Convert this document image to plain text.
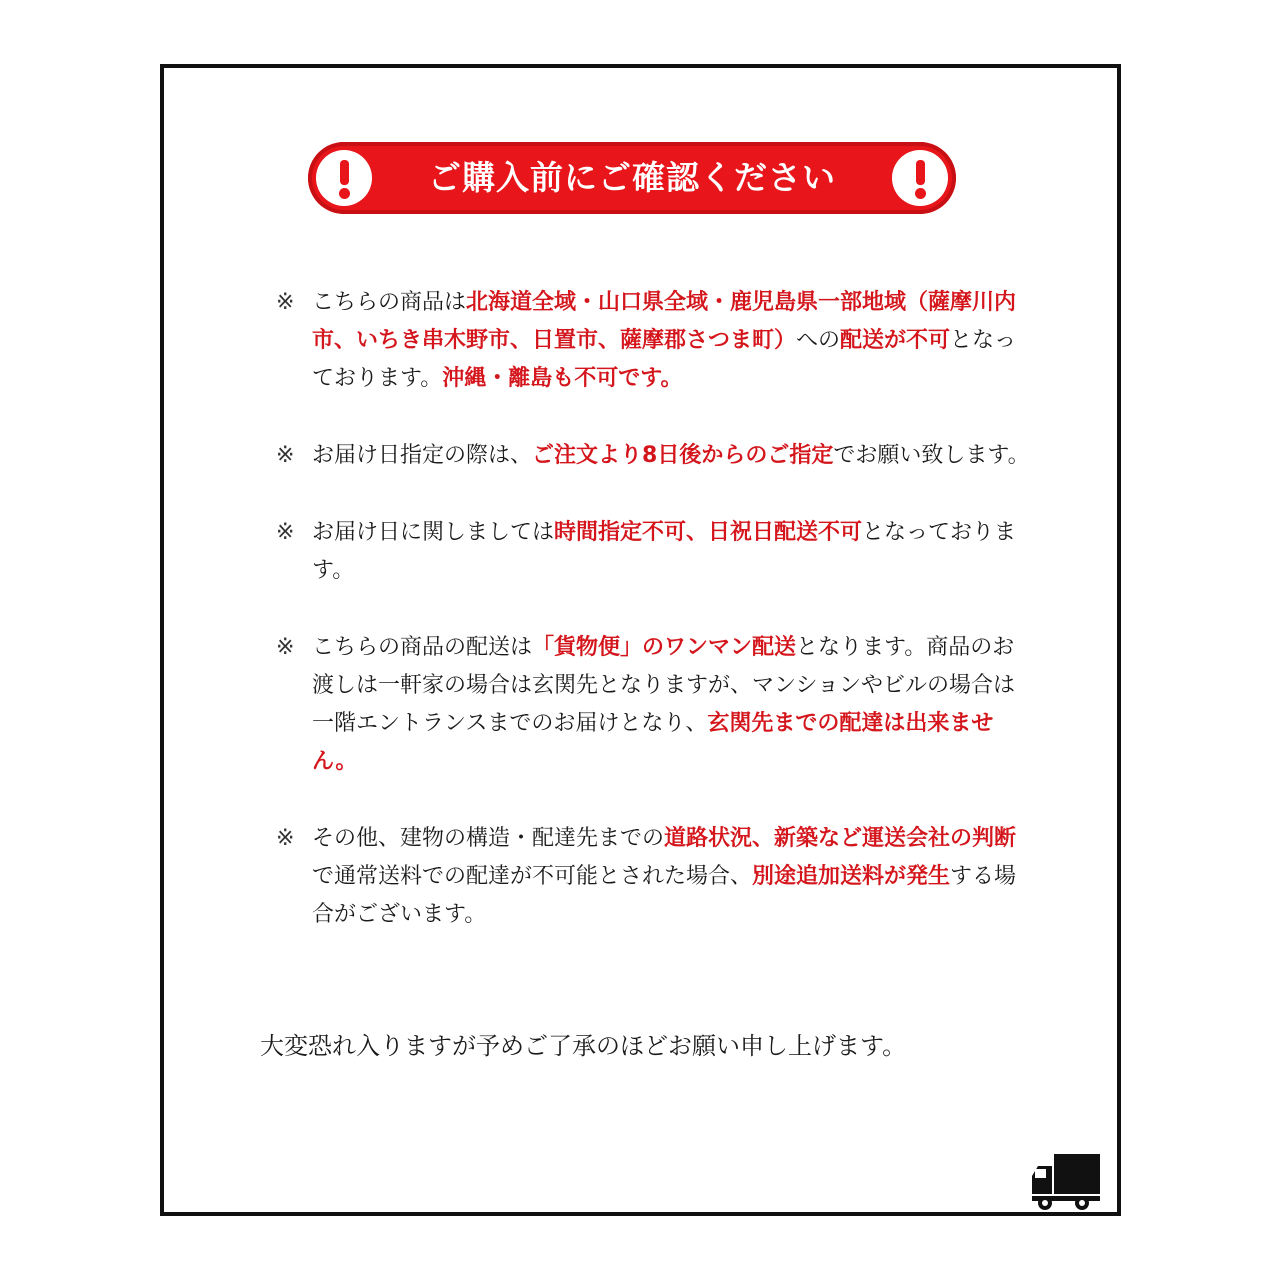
ご購入前にご確認ください
※ こちらの商品は北海道全域・山口県全域・鹿児島県一部地域（薩摩川内市、いちき串木野市、日置市、薩摩郡さつま町）への配送が不可となっております。沖縄・離島も不可です。
※ お届け日指定の際は、ご注文より8日後からのご指定でお願い致します。
※ お届け日に関しましては時間指定不可、日祝日配送不可となっております。
※ こちらの商品の配送は「貨物便」のワンマン配送となります。商品のお渡しは一軒家の場合は玄関先となりますが、マンションやビルの場合は一階エントランスまでのお届けとなり、玄関先までの配達は出来ません。
※ その他、建物の構造・配達先までの道路状況、新築など運送会社の判断で通常送料での配達が不可能とされた場合、別途追加送料が発生する場合がございます。
大変恐れ入りますが予めご了承のほどお願い申し上げます。
